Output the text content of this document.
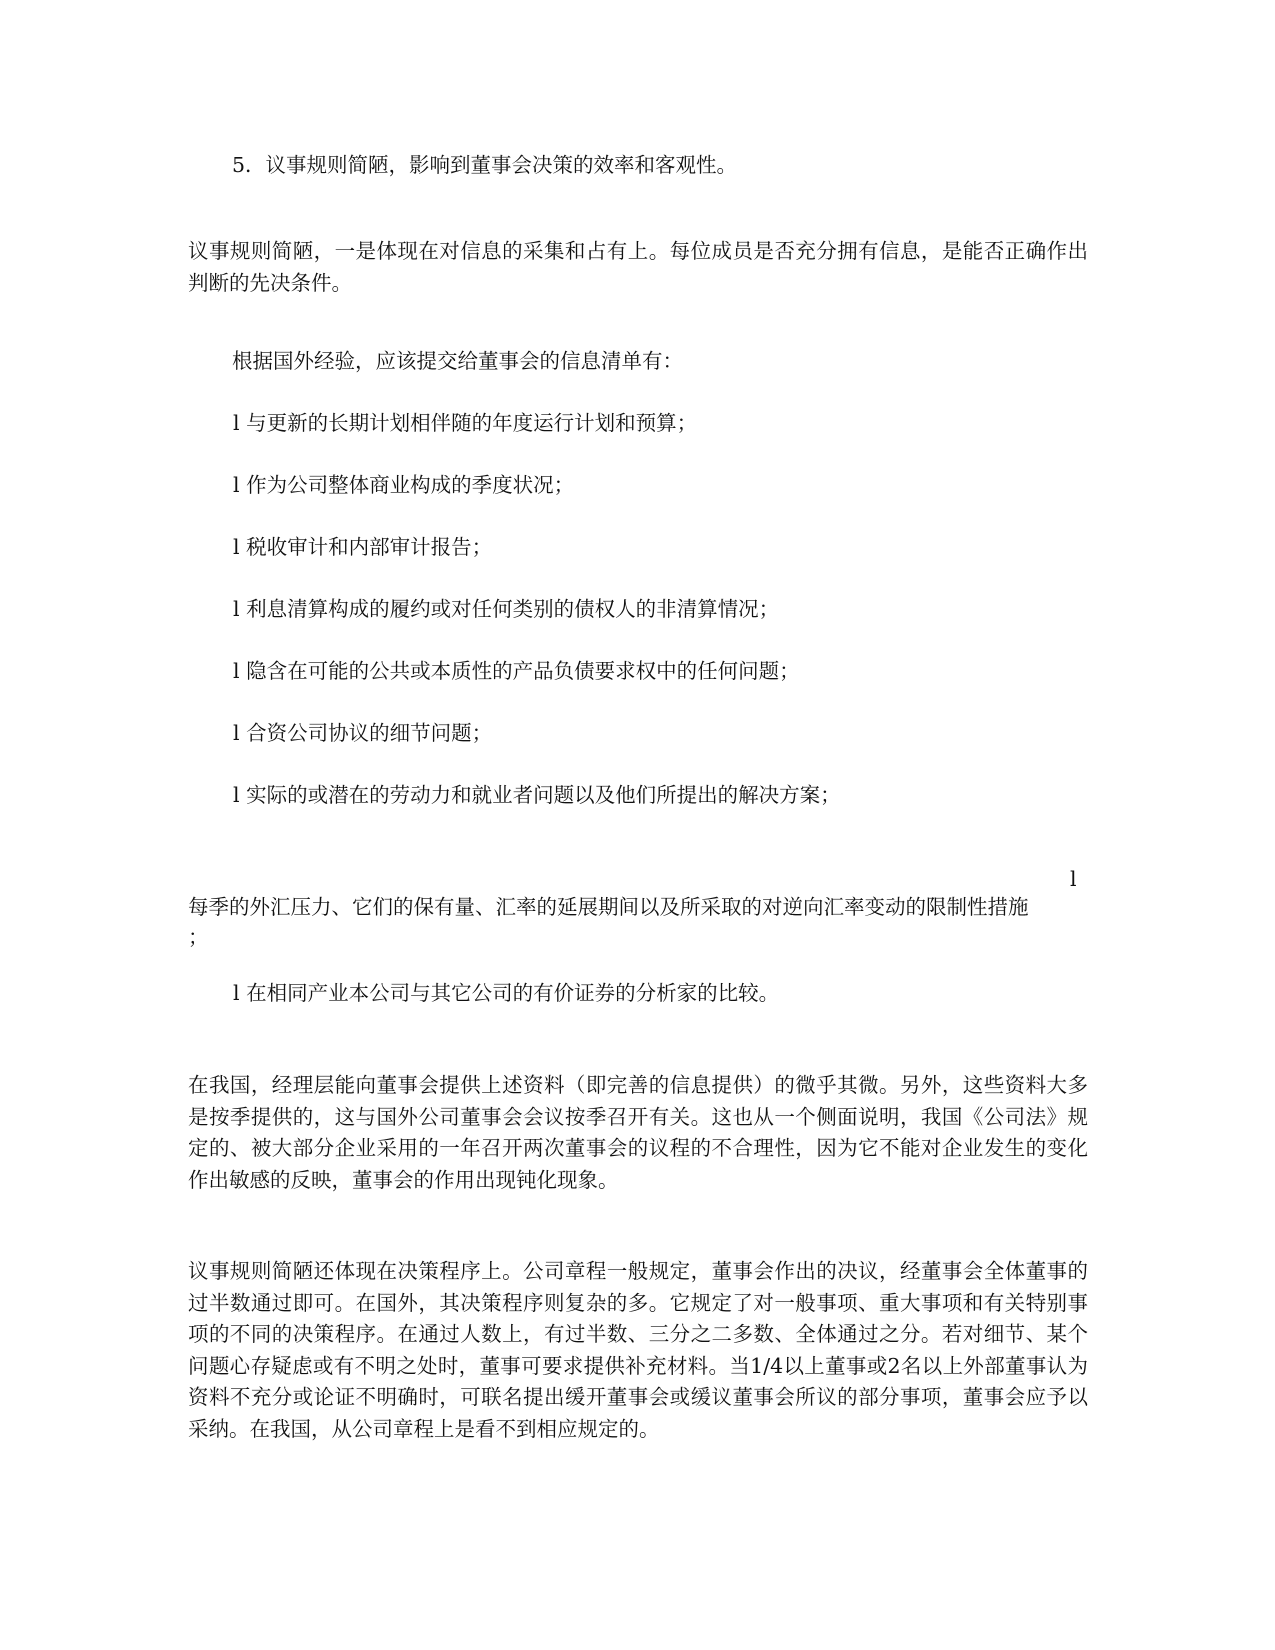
5．议事规则简陋，影响到董事会决策的效率和客观性。
议事规则简陋，一是体现在对信息的采集和占有上。每位成员是否充分拥有信息，是能否正确作出判断的先决条件。
根据国外经验，应该提交给董事会的信息清单有：
l 与更新的长期计划相伴随的年度运行计划和预算；
l 作为公司整体商业构成的季度状况；
l 税收审计和内部审计报告；
l 利息清算构成的履约或对任何类别的债权人的非清算情况；
l 隐含在可能的公共或本质性的产品负债要求权中的任何问题；
l 合资公司协议的细节问题；
l 实际的或潜在的劳动力和就业者问题以及他们所提出的解决方案；
l
每季的外汇压力、它们的保有量、汇率的延展期间以及所采取的对逆向汇率变动的限制性措施
；
l 在相同产业本公司与其它公司的有价证券的分析家的比较。
在我国，经理层能向董事会提供上述资料（即完善的信息提供）的微乎其微。另外，这些资料大多是按季提供的，这与国外公司董事会会议按季召开有关。这也从一个侧面说明，我国《公司法》规定的、被大部分企业采用的一年召开两次董事会的议程的不合理性，因为它不能对企业发生的变化作出敏感的反映，董事会的作用出现钝化现象。
议事规则简陋还体现在决策程序上。公司章程一般规定，董事会作出的决议，经董事会全体董事的过半数通过即可。在国外，其决策程序则复杂的多。它规定了对一般事项、重大事项和有关特别事项的不同的决策程序。在通过人数上，有过半数、三分之二多数、全体通过之分。若对细节、某个问题心存疑虑或有不明之处时，董事可要求提供补充材料。当1/4以上董事或2名以上外部董事认为资料不充分或论证不明确时，可联名提出缓开董事会或缓议董事会所议的部分事项，董事会应予以采纳。在我国，从公司章程上是看不到相应规定的。
